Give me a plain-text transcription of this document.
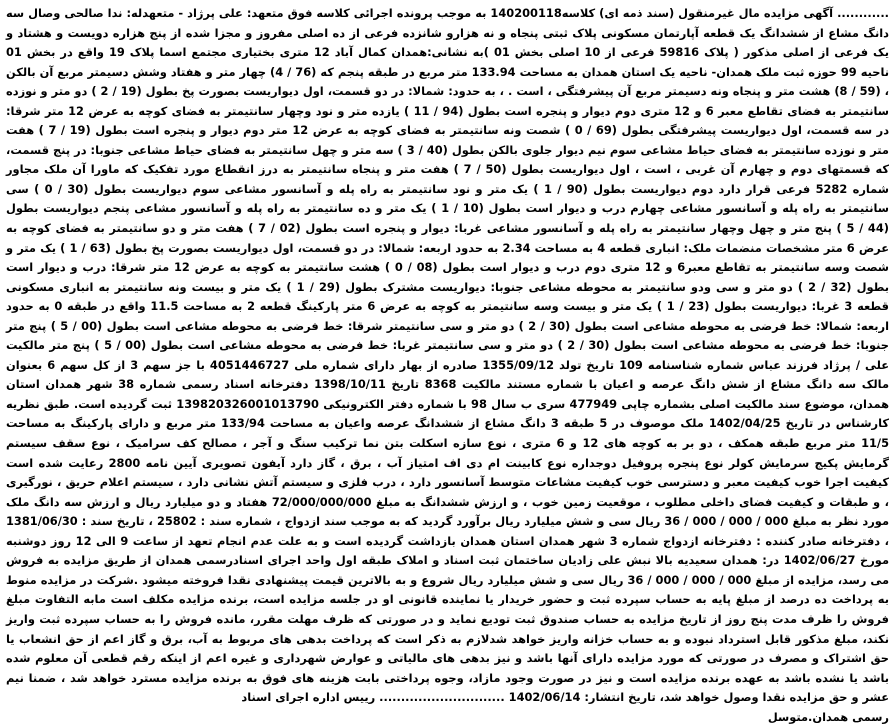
............ آگهی مزایده مال غیرمنقول (سند ذمه ای) کلاسه140200118 به موجب پرونده اجرائی کلاسه فوق متعهد: علی پرژاد - متعهدله: ندا صالحی وصال سه دانگ مشاع از ششدانگ یک قطعه آپارتمان مسکونی پلاک ثبتی پنجاه و نه هزارو شانزده فرعی از ده اصلی مفروز و مجزا شده از پنج هزاره دویست و هشتاد و یک فرعی از اصلی مذکور ( پلاک 59816 فرعی از 10 اصلی بخش 01 )به نشانی:همدان کمال آباد 12 متری بختیاری مجتمع اسما پلاک 19 واقع در بخش 01 ناحیه 99 حوزه ثبت ملک همدان- ناحیه یک استان همدان به مساحت 133.94 متر مربع در طبقه پنجم که (76 / 4) چهار متر و هفتاد وشش دسیمتر مربع آن بالکن ، (59 / 8) هشت متر و پنجاه ونه دسیمتر مربع آن پیشرفتگی ، است . ، به حدود: شمالا: در دو قسمت، اول دیواریست بصورت پخ بطول (19 / 2 ) دو متر و نوزده سانتیمتر به فضای تقاطع معبر 6 و 12 متری دوم دیوار و پنجره است بطول (94 / 11 ) یازده متر و نود وچهار سانتیمتر به فضای کوچه به عرض 12 متر شرقا: در سه قسمت، اول دیواریست پیشرفتگی بطول (69 / 0 ) شصت ونه سانتیمتر به فضای کوچه به عرض 12 متر دوم دیوار و پنجره است بطول (19 / 7 ) هفت متر و نوزده سانتیمتر به فضای حیاط مشاعی سوم نیم دیوار جلوی بالکن بطول (40 / 3 ) سه متر و چهل سانتیمتر به فضای حیاط مشاعی جنوبا: در پنج قسمت، که قسمتهای دوم و چهارم آن غربی ، است ، اول دیواریست بطول (50 / 7 ) هفت متر و پنجاه سانتیمتر به درز انقطاع مورد تفکیک که ماورا آن ملک مجاور شماره 5282 فرعی قرار دارد دوم دیواریست بطول (90 / 1 ) یک متر و نود سانتیمتر به راه پله و آسانسور مشاعی سوم دیواریست بطول (30 / 0 ) سی سانتیمتر به راه پله و آسانسور مشاعی چهارم درب و دیوار است بطول (10 / 1 ) یک متر و ده سانتیمتر به راه پله و آسانسور مشاعی پنجم دیواریست بطول (44 / 5 ) پنج متر و چهل وچهار سانتیمتر به راه پله و آسانسور مشاعی غربا: دیوار و پنجره است بطول (02 / 7 ) هفت متر و دو سانتیمتر به فضای کوچه به عرض 6 متر مشخصات منضمات ملک: انباری قطعه 4 به مساحت 2.34 به حدود اربعه: شمالا: در دو قسمت، اول دیواریست بصورت پخ بطول (63 / 1 ) یک متر و شصت وسه سانتیمتر به تقاطع معبر6 و 12 متری دوم درب و دیوار است بطول (08 / 0 ) هشت سانتیمتر به کوچه به عرض 12 متر شرقا: درب و دیوار است بطول (32 / 2 ) دو متر و سی ودو سانتیمتر به محوطه مشاعی جنوبا: دیواریست مشترک بطول (29 / 1 ) یک متر و بیست ونه سانتیمتر به انباری مسکونی قطعه 3 غربا: دیواریست بطول (23 / 1 ) یک متر و بیست وسه سانتیمتر به کوچه به عرض 6 متر پارکینگ قطعه 2 به مساحت 11.5 واقع در طبقه 0 به حدود اربعه: شمالا: خط فرضی به محوطه مشاعی است بطول (30 / 2 ) دو متر و سی سانتیمتر شرقا: خط فرضی به محوطه مشاعی است بطول (00 / 5 ) پنج متر جنوبا: خط فرضی به محوطه مشاعی است بطول (30 / 2 ) دو متر و سی سانتیمتر غربا: خط فرضی به محوطه مشاعی است بطول (00 / 5 ) پنج متر مالکیت علی / پرژاد فرزند عباس شماره شناسنامه 109 تاریخ تولد 1355/09/12 صادره از بهار دارای شماره ملی 4051446727 با جز سهم 3 از کل سهم 6 بعنوان مالک سه دانگ مشاع از شش دانگ عرصه و اعیان با شماره مستند مالکیت 8368 تاریخ 1398/10/11 دفترخانه اسناد رسمی شماره 38 شهر همدان استان همدان، موضوع سند مالکیت اصلی بشماره چاپی 477949 سری ب سال 98 با شماره دفتر الکترونیکی 139820326001013790 ثبت گردیده است. طبق نظریه کارشناس در تاریخ 1402/04/25 ملک موصوف در 5 طبقه 3 دانگ مشاع از ششدانگ عرصه واعیان به مساحت 133/94 متر مربع و دارای پارکینگ به مساحت 11/5 متر مربع طبقه همکف ، دو بر به کوچه های 12 و 6 متری ، نوع سازه اسکلت بتن نما ترکیب سنگ و آجر ، مصالح کف سرامیک ، نوع سقف سیستم گرمایش پکیج سرمایش کولر نوع پنجره پروفیل دوجداره نوع کابینت ام دی اف امتیاز آب ، برق ، گاز دارد آیفون تصویری آیین نامه 2800 رعایت شده است کیفیت اجرا خوب کیفیت معبر و دسترسی خوب کیفیت مشاعات متوسط آسانسور دارد ، درب فلزی و سیستم آتش نشانی دارد ، سیستم اعلام حریق ، نورگیری ، و طبقات و کیفیت فضای داخلی مطلوب ، موقعیت زمین خوب ، و ارزش ششدانگ به مبلغ 72/000/000/000 هفتاد و دو میلیارد ریال و ارزش سه دانگ ملک مورد نظر به مبلغ 000 / 000 / 000 / 36 ریال سی و شش میلیارد ریال برآورد گردید که به موجب سند ازدواج ، شماره سند : 25802 ، تاریخ سند : 1381/06/30 ، دفترخانه صادر کننده : دفترخانه ازدواج شماره 3 شهر همدان استان همدان بازداشت گردیده است و به علت عدم انجام تعهد از ساعت 9 الی 12 روز دوشنبه مورخ 1402/06/27 در: همدان سعیدیه بالا نبش علی زادیان ساختمان ثبت اسناد و املاک طبقه اول واحد اجرای اسنادرسمی همدان از طریق مزایده به فروش می رسد، مزایده از مبلغ 000 / 000 / 000 / 36 ریال سی و شش میلیارد ریال شروع و به بالاترین قیمت پیشنهادی نقدا فروخته میشود .شرکت در مزایده منوط به پرداخت ده درصد از مبلغ پایه به حساب سپرده ثبت و حضور خریدار یا نماینده قانونی او در جلسه مزایده است، برنده مزایده مکلف است مابه التفاوت مبلغ فروش را ظرف مدت پنج روز از تاریخ مزایده به حساب صندوق ثبت تودیع نماید و در صورتی که ظرف مهلت مقرر، مانده فروش را به حساب سپرده ثبت واریز نکند، مبلغ مذکور قابل استرداد نبوده و به حساب خزانه واریز خواهد شدلازم به ذکر است که پرداخت بدهی های مربوط به آب، برق و گاز اعم از حق انشعاب یا حق اشتراک و مصرف در صورتی که مورد مزایده دارای آنها باشد و نیز بدهی های مالیاتی و عوارض شهرداری و غیره اعم از اینکه رقم قطعی آن معلوم شده باشد یا نشده باشد به عهده برنده مزایده است و نیز در صورت وجود مازاد، وجوه پرداختی بابت هزینه های فوق به برنده مزایده مسترد خواهد شد ، ضمنا نیم عشر و حق مزایده نقدا وصول خواهد شد، تاریخ انتشار: 1402/06/14 ............................. رییس اداره اجرای اسناد

رسمی همدان.متوسل
